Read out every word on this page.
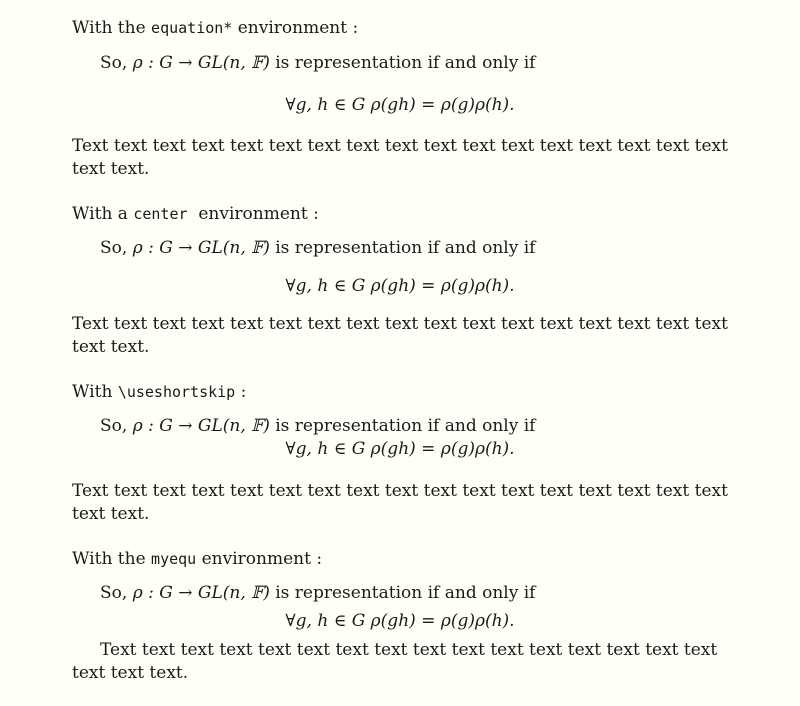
With the equation* environment :
So, ρ : G → GL(n, 𝔽) is representation if and only if
∀g, h ∈ G ρ(gh) = ρ(g)ρ(h).
Text text text text text text text text text text text text text text text text text text text.
With a center environment :
So, ρ : G → GL(n, 𝔽) is representation if and only if
∀g, h ∈ G ρ(gh) = ρ(g)ρ(h).
Text text text text text text text text text text text text text text text text text text text.
With \useshortskip :
So, ρ : G → GL(n, 𝔽) is representation if and only if
∀g, h ∈ G ρ(gh) = ρ(g)ρ(h).
Text text text text text text text text text text text text text text text text text text text.
With the myequ environment :
So, ρ : G → GL(n, 𝔽) is representation if and only if
∀g, h ∈ G ρ(gh) = ρ(g)ρ(h).
Text text text text text text text text text text text text text text text text text text text.
